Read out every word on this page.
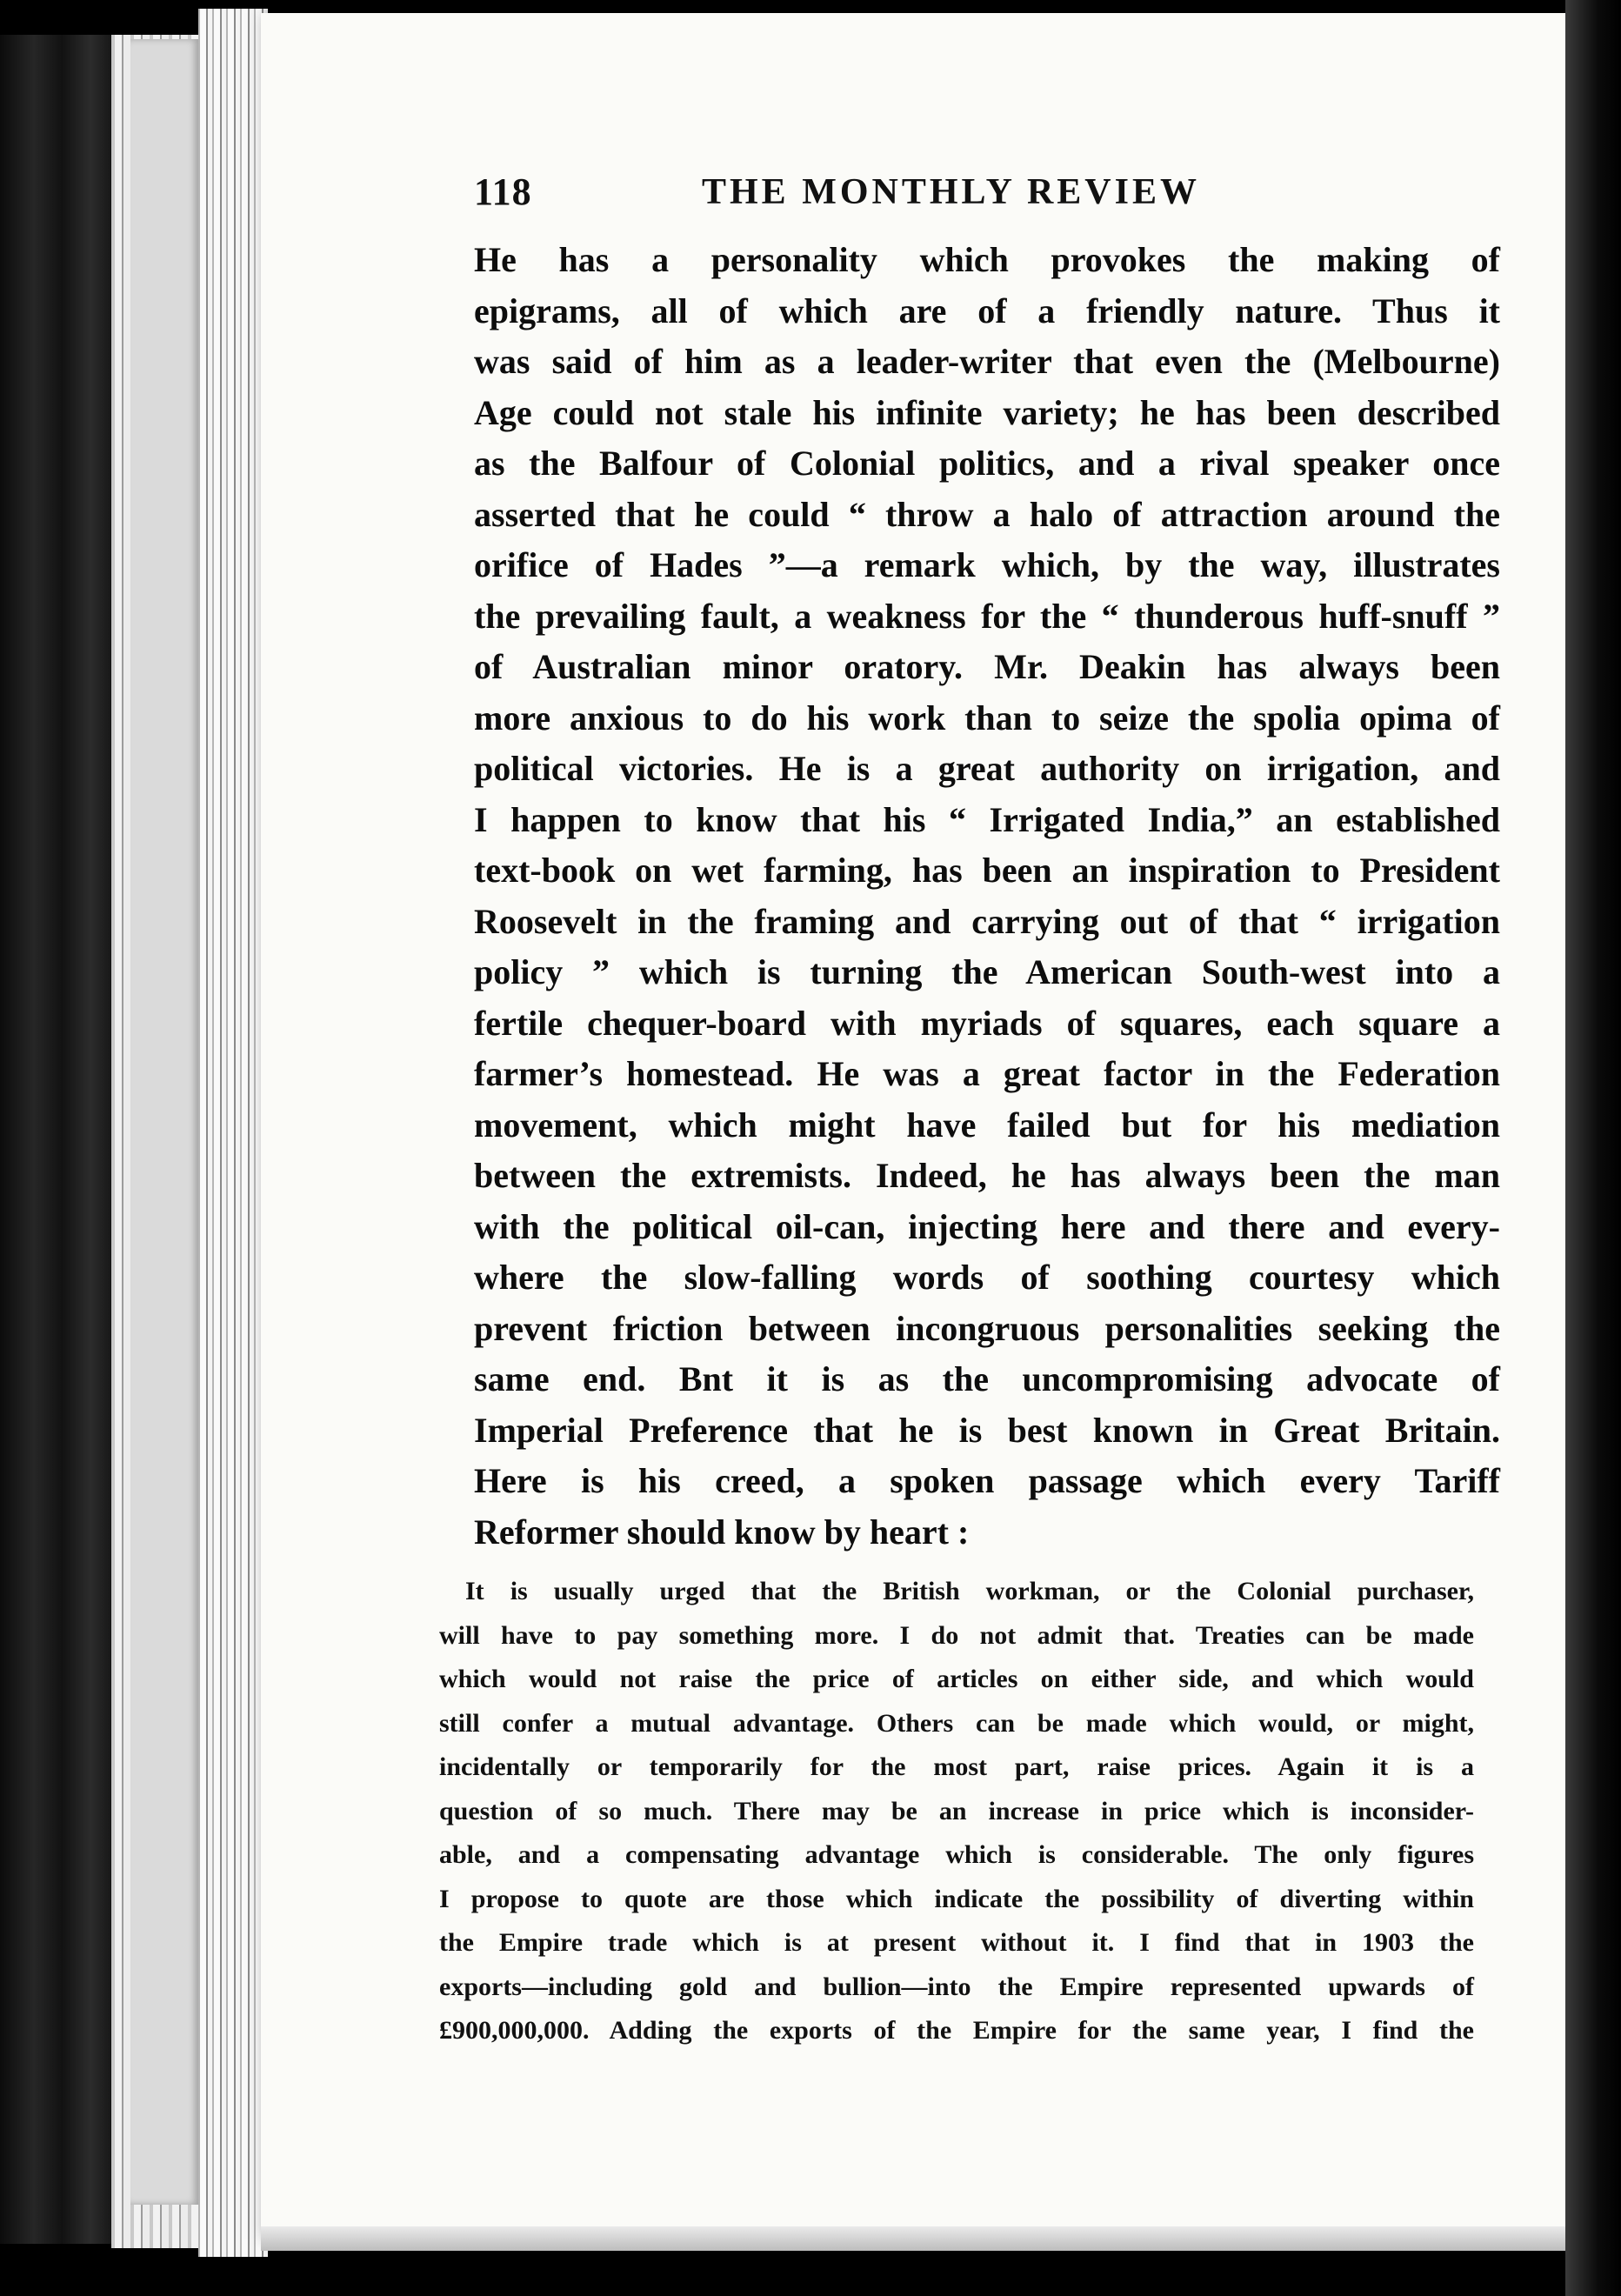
118	THE MONTHLY REVIEW
He has a personality which provokes the making of
epigrams, all of which are of a friendly nature. Thus it
was said of him as a leader-writer that even the (Melbourne)
Age could not stale his infinite variety; he has been described
as the Balfour of Colonial politics, and a rival speaker once
asserted that he could “ throw a halo of attraction around the
orifice of Hades ”—a remark which, by the way, illustrates
the prevailing fault, a weakness for the “ thunderous huff-snuff ”
of Australian minor oratory. Mr. Deakin has always been
more anxious to do his work than to seize the spolia opima of
political victories. He is a great authority on irrigation, and
I happen to know that his “ Irrigated India,” an established
text-book on wet farming, has been an inspiration to President
Roosevelt in the framing and carrying out of that “ irrigation
policy ” which is turning the American South-west into a
fertile chequer-board with myriads of squares, each square a
farmer’s homestead. He was a great factor in the Federation
movement, which might have failed but for his mediation
between the extremists. Indeed, he has always been the man
with the political oil-can, injecting here and there and every-
where the slow-falling words of soothing courtesy which
prevent friction between incongruous personalities seeking the
same end. Bnt it is as the uncompromising advocate of
Imperial Preference that he is best known in Great Britain.
Here is his creed, a spoken passage which every Tariff
Reformer should know by heart :
It is usually urged that the British workman, or the Colonial purchaser,
will have to pay something more. I do not admit that. Treaties can be made
which would not raise the price of articles on either side, and which would
still confer a mutual advantage. Others can be made which would, or might,
incidentally or temporarily for the most part, raise prices. Again it is a
question of so much. There may be an increase in price which is inconsider-
able, and a compensating advantage which is considerable. The only figures
I propose to quote are those which indicate the possibility of diverting within
the Empire trade which is at present without it. I find that in 1903 the
exports—including gold and bullion—into the Empire represented upwards of
£900,000,000. Adding the exports of the Empire for the same year, I find the
